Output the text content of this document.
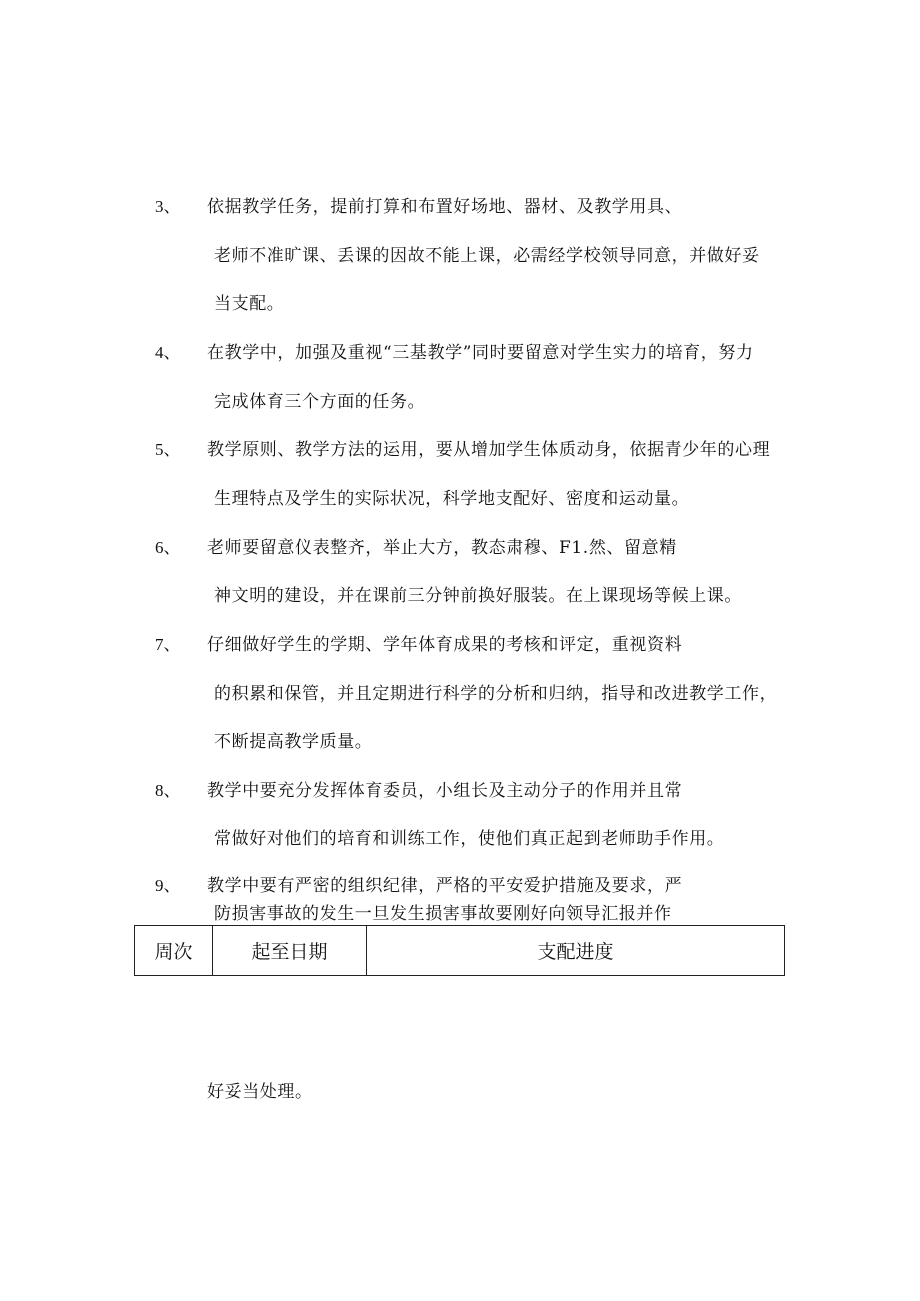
3、 依据教学任务，提前打算和布置好场地、器材、及教学用具、
老师不准旷课、丢课的因故不能上课，必需经学校领导同意，并做好妥
当支配。
4、 在教学中，加强及重视“三基教学”同时要留意对学生实力的培育，努力
完成体育三个方面的任务。
5、 教学原则、教学方法的运用，要从增加学生体质动身，依据青少年的心理
生理特点及学生的实际状况，科学地支配好、密度和运动量。
6、 老师要留意仪表整齐，举止大方，教态肃穆、F1.然、留意精
神文明的建设，并在课前三分钟前换好服装。在上课现场等候上课。
7、 仔细做好学生的学期、学年体育成果的考核和评定，重视资料
的积累和保管，并且定期进行科学的分析和归纳，指导和改进教学工作，
不断提高教学质量。
8、 教学中要充分发挥体育委员，小组长及主动分子的作用并且常
常做好对他们的培育和训练工作，使他们真正起到老师助手作用。
9、 教学中要有严密的组织纪律，严格的平安爱护措施及要求，严
防损害事故的发生一旦发生损害事故要刚好向领导汇报并作
周次	起至日期	支配进度
好妥当处理。
